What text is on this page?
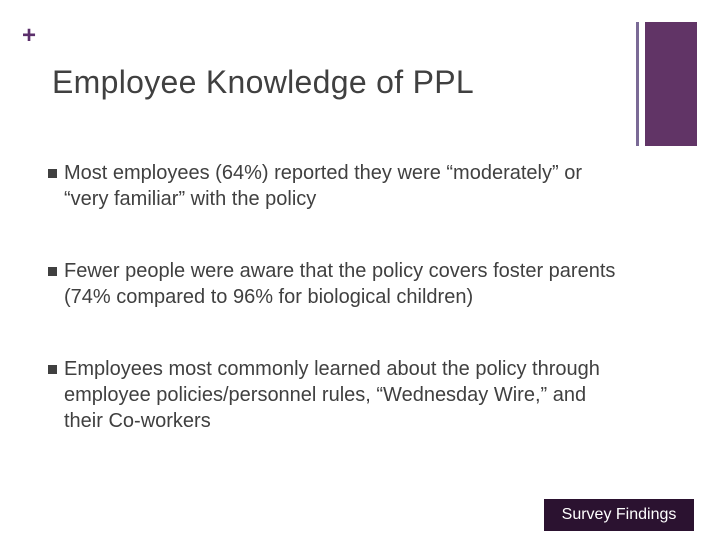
+
Employee Knowledge of PPL
Most employees (64%) reported they were “moderately” or “very familiar” with the policy
Fewer people were aware that the policy covers foster parents (74% compared to 96% for biological children)
Employees most commonly learned about the policy through employee policies/personnel rules, “Wednesday Wire,” and their Co-workers
Survey Findings
